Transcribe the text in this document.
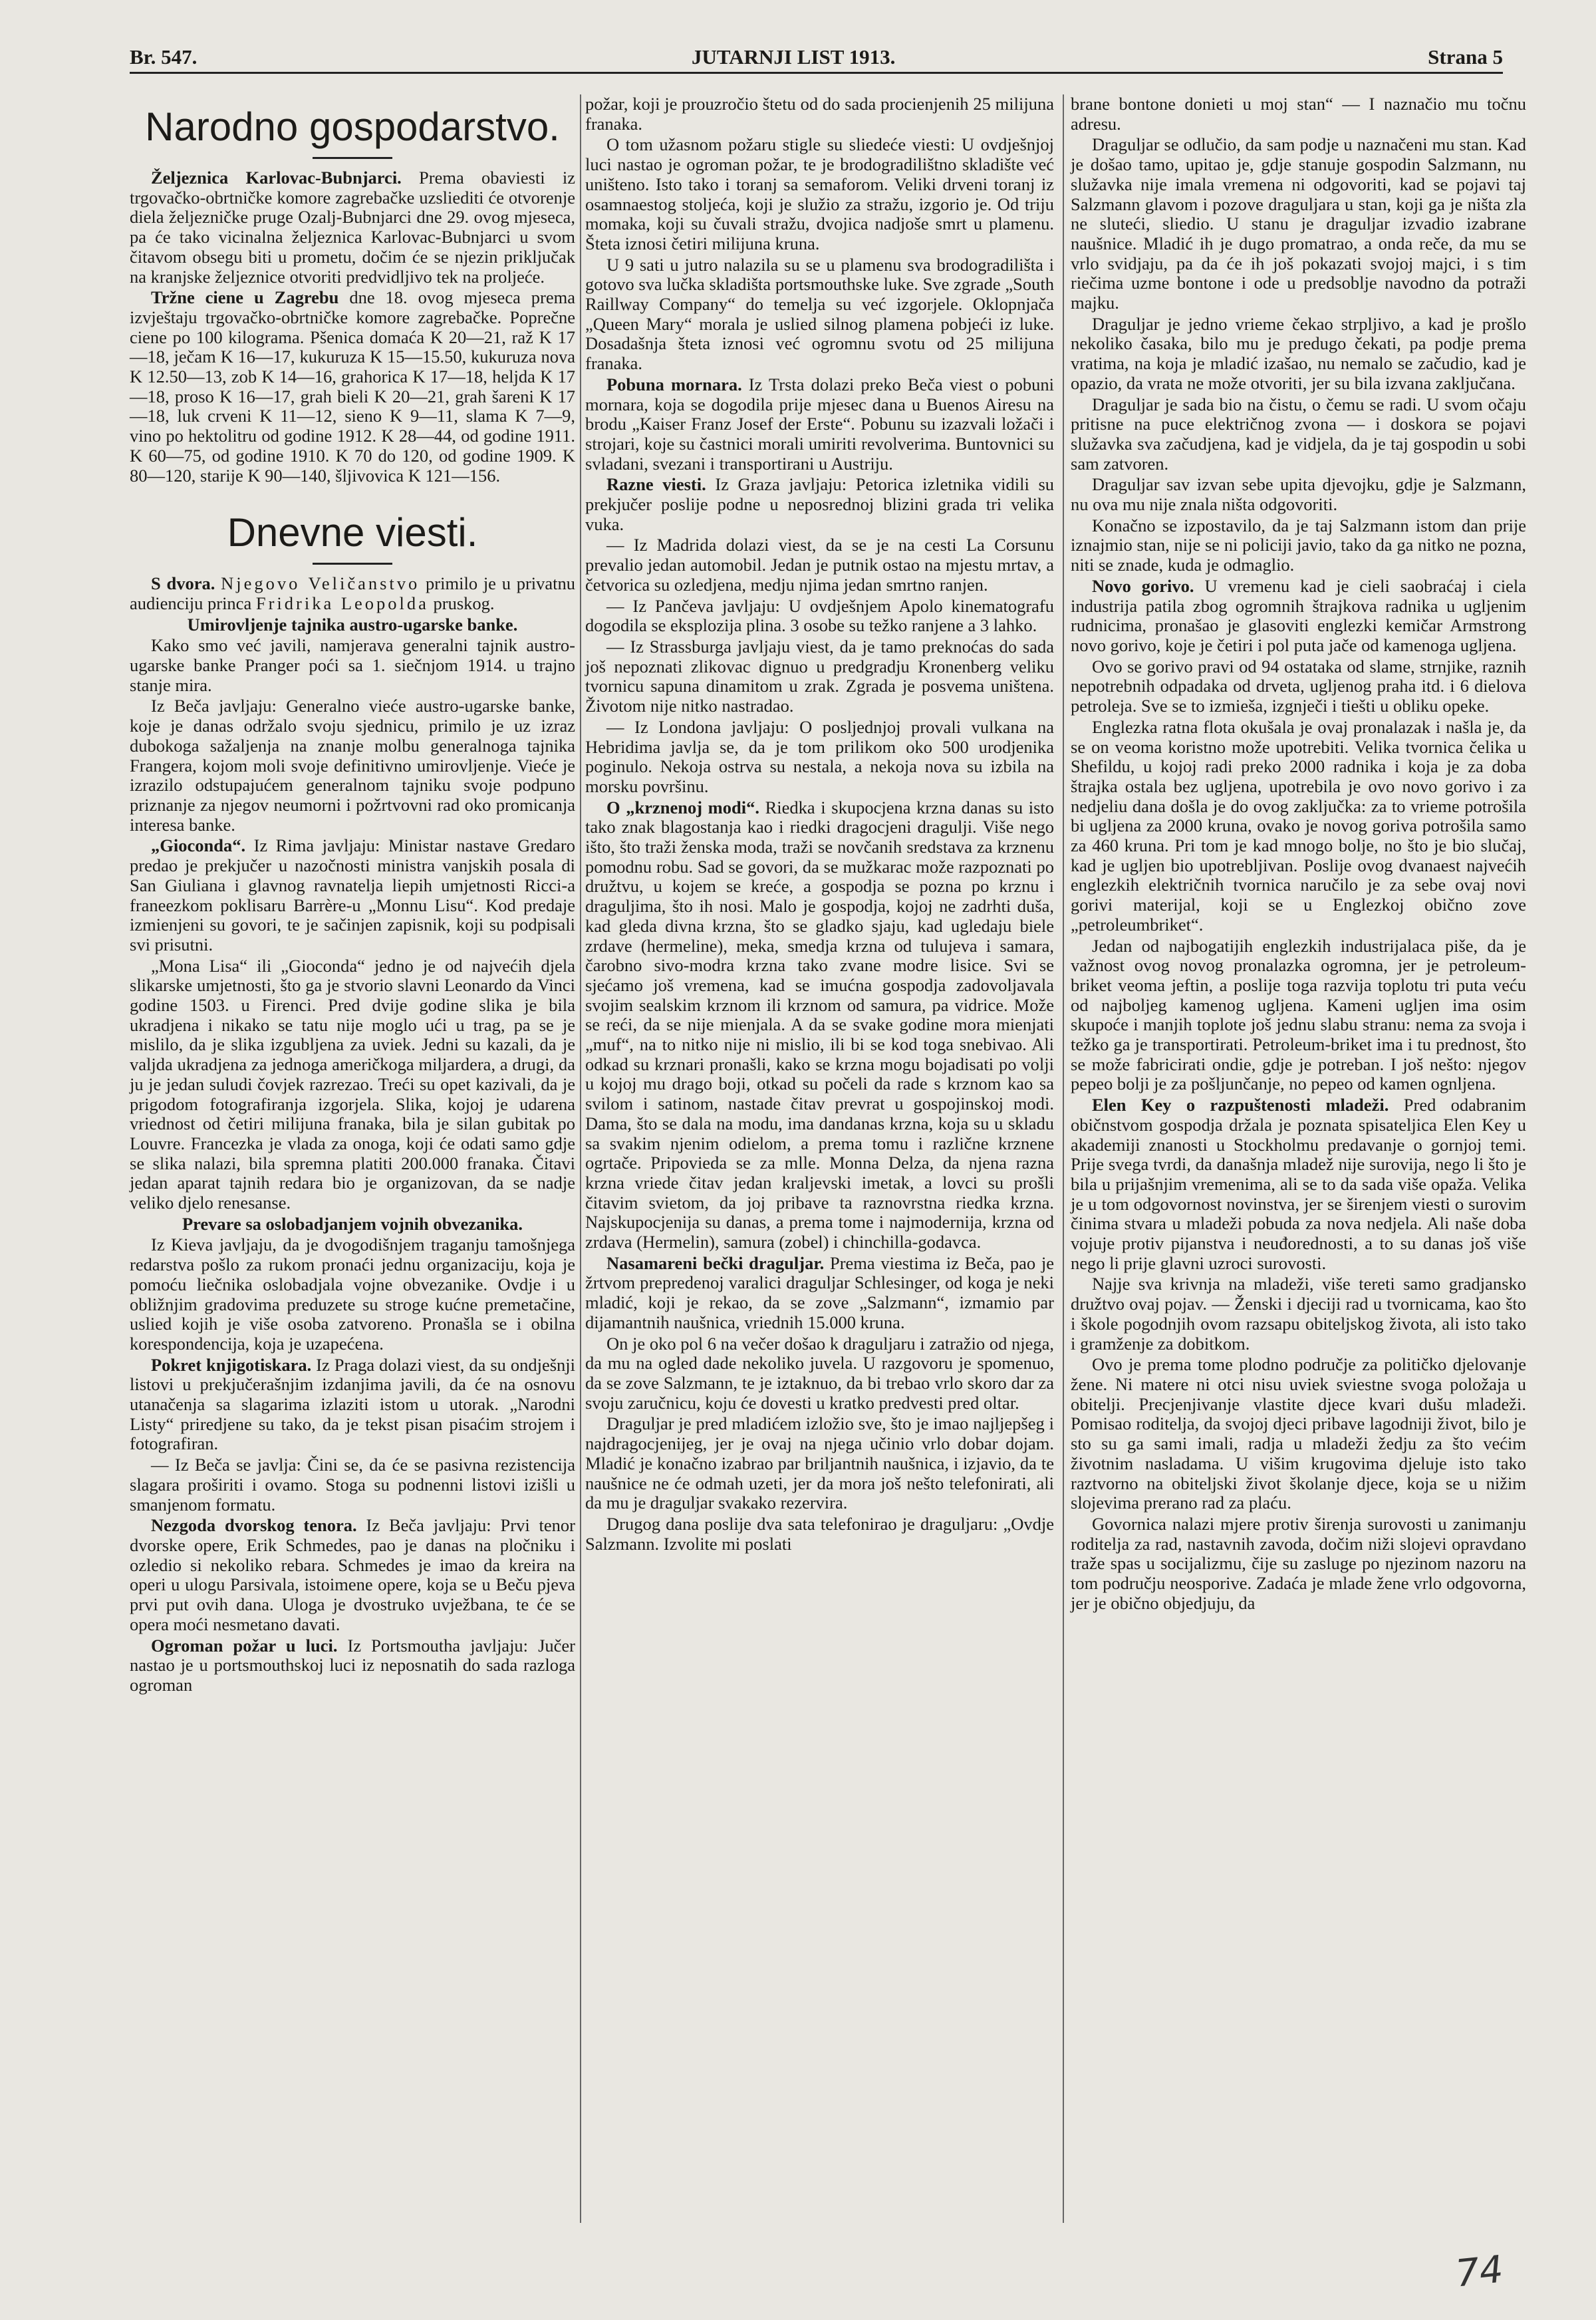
Br. 547.	JUTARNJI LIST 1913.	Strana 5
Narodno gospodarstvo.

Željeznica Karlovac-Bubnjarci. Prema obaviesti iz trgovačko-obrtničke komore zagrebačke uzsliediti će otvorenje diela željezničke pruge Ozalj-Bubnjarci dne 29. ovog mjeseca, pa će tako vicinalna željeznica Karlovac-Bubnjarci u svom čitavom obsegu biti u prometu, dočim će se njezin priključak na kranjske željeznice otvoriti predvidljivo tek na proljeće.

Tržne ciene u Zagrebu dne 18. ovog mjeseca prema izvještaju trgovačko-obrtničke komore zagrebačke. Poprečne ciene po 100 kilograma. Pšenica domaća K 20—21, raž K 17—18, ječam K 16—17, kukuruza K 15—15.50, kukuruza nova K 12.50—13, zob K 14—16, grahorica K 17—18, heljda K 17—18, proso K 16—17, grah bieli K 20—21, grah šareni K 17—18, luk crveni K 11—12, sieno K 9—11, slama K 7—9, vino po hektolitru od godine 1912. K 28—44, od godine 1911. K 60—75, od godine 1910. K 70 do 120, od godine 1909. K 80—120, starije K 90—140, šljivovica K 121—156.

Dnevne viesti.

S dvora. Njegovo Veličanstvo primilo je u privatnu audienciju princa Fridrika Leopolda pruskog.

Umirovljenje tajnika austro-ugarske banke.

Kako smo već javili, namjerava generalni tajnik austro-ugarske banke Pranger poći sa 1. siečnjom 1914. u trajno stanje mira.

Iz Beča javljaju: Generalno vieće austro-ugarske banke, koje je danas održalo svoju sjednicu, primilo je uz izraz dubokoga sažaljenja na znanje molbu generalnoga tajnika Frangera, kojom moli svoje definitivno umirovljenje. Vieće je izrazilo odstupajućem generalnom tajniku svoje podpuno priznanje za njegov neumorni i požrtvovni rad oko promicanja interesa banke.

„Gioconda“. Iz Rima javljaju: Ministar nastave Gredaro predao je prekjučer u nazočnosti ministra vanjskih posala di San Giuliana i glavnog ravnatelja liepih umjetnosti Ricci-a franeezkom poklisaru Barrère-u „Monnu Lisu“. Kod predaje izmienjeni su govori, te je sačinjen zapisnik, koji su podpisali svi prisutni.

„Mona Lisa“ ili „Gioconda“ jedno je od najvećih djela slikarske umjetnosti, što ga je stvorio slavni Leonardo da Vinci godine 1503. u Firenci. Pred dvije godine slika je bila ukradjena i nikako se tatu nije moglo ući u trag, pa se je mislilo, da je slika izgubljena za uviek. Jedni su kazali, da je valjda ukradjena za jednoga američkoga miljardera, a drugi, da ju je jedan suludi čovjek razrezao. Treći su opet kazivali, da je prigodom fotografiranja izgorjela. Slika, kojoj je udarena vriednost od četiri milijuna franaka, bila je silan gubitak po Louvre. Francezka je vlada za onoga, koji će odati samo gdje se slika nalazi, bila spremna platiti 200.000 franaka. Čitavi jedan aparat tajnih redara bio je organizovan, da se nadje veliko djelo renesanse.

Prevare sa oslobadjanjem vojnih obvezanika.

Iz Kieva javljaju, da je dvogodišnjem traganju tamošnjega redarstva pošlo za rukom pronaći jednu organizaciju, koja je pomoću liečnika oslobadjala vojne obvezanike. Ovdje i u obližnjim gradovima preduzete su stroge kućne premetačine, uslied kojih je više osoba zatvoreno. Pronašla se i obilna korespondencija, koja je uzapećena.

Pokret knjigotiskara. Iz Praga dolazi viest, da su ondješnji listovi u prekjučerašnjim izdanjima javili, da će na osnovu utanačenja sa slagarima izlaziti istom u utorak. „Narodni Listy“ priredjene su tako, da je tekst pisan pisaćim strojem i fotografiran.

— Iz Beča se javlja: Čini se, da će se pasivna rezistencija slagara proširiti i ovamo. Stoga su podnenni listovi izišli u smanjenom formatu.

Nezgoda dvorskog tenora. Iz Beča javljaju: Prvi tenor dvorske opere, Erik Schmedes, pao je danas na pločniku i ozledio si nekoliko rebara. Schmedes je imao da kreira na operi u ulogu Parsivala, istoimene opere, koja se u Beču pjeva prvi put ovih dana. Uloga je dvostruko uvježbana, te će se opera moći nesmetano davati.

Ogroman požar u luci. Iz Portsmoutha javljaju: Jučer nastao je u portsmouthskoj luci iz neposnatih do sada razloga ogroman

požar, koji je prouzročio štetu od do sada procienjenih 25 milijuna franaka.

O tom užasnom požaru stigle su sliedeće viesti: U ovdješnjoj luci nastao je ogroman požar, te je brodogradilištno skladište već uništeno. Isto tako i toranj sa semaforom. Veliki drveni toranj iz osamnaestog stoljeća, koji je služio za stražu, izgorio je. Od triju momaka, koji su čuvali stražu, dvojica nadjoše smrt u plamenu. Šteta iznosi četiri milijuna kruna.

U 9 sati u jutro nalazila su se u plamenu sva brodogradilišta i gotovo sva lučka skladišta portsmouthske luke. Sve zgrade „South Raillway Company“ do temelja su već izgorjele. Oklopnjača „Queen Mary“ morala je uslied silnog plamena pobjeći iz luke. Dosadašnja šteta iznosi već ogromnu svotu od 25 milijuna franaka.

Pobuna mornara. Iz Trsta dolazi preko Beča viest o pobuni mornara, koja se dogodila prije mjesec dana u Buenos Airesu na brodu „Kaiser Franz Josef der Erste“. Pobunu su izazvali ložači i strojari, koje su častnici morali umiriti revolverima. Buntovnici su svladani, svezani i transportirani u Austriju.

Razne viesti. Iz Graza javljaju: Petorica izletnika vidili su prekjučer poslije podne u neposrednoj blizini grada tri velika vuka.

— Iz Madrida dolazi viest, da se je na cesti La Corsunu prevalio jedan automobil. Jedan je putnik ostao na mjestu mrtav, a četvorica su ozledjena, medju njima jedan smrtno ranjen.

— Iz Pančeva javljaju: U ovdješnjem Apolo kinematografu dogodila se eksplozija plina. 3 osobe su težko ranjene a 3 lahko.

— Iz Strassburga javljaju viest, da je tamo preknoćas do sada još nepoznati zlikovac dignuo u predgradju Kronenberg veliku tvornicu sapuna dinamitom u zrak. Zgrada je posvema uništena. Životom nije nitko nastradao.

— Iz Londona javljaju: O posljednjoj provali vulkana na Hebridima javlja se, da je tom prilikom oko 500 urodjenika poginulo. Nekoja ostrva su nestala, a nekoja nova su izbila na morsku površinu.

O „krznenoj modi“. Riedka i skupocjena krzna danas su isto tako znak blagostanja kao i riedki dragocjeni dragulji. Više nego išto, što traži ženska moda, traži se novčanih sredstava za krznenu pomodnu robu. Sad se govori, da se mužkarac može razpoznati po družtvu, u kojem se kreće, a gospodja se pozna po krznu i draguljima, što ih nosi. Malo je gospodja, kojoj ne zadrhti duša, kad gleda divna krzna, što se gladko sjaju, kad ugledaju biele zrdave (hermeline), meka, smedja krzna od tulujeva i samara, čarobno sivo-modra krzna tako zvane modre lisice. Svi se sjećamo još vremena, kad se imućna gospodja zadovoljavala svojim sealskim krznom ili krznom od samura, pa vidrice. Može se reći, da se nije mienjala. A da se svake godine mora mienjati „muf“, na to nitko nije ni mislio, ili bi se kod toga snebivao. Ali odkad su krznari pronašli, kako se krzna mogu bojadisati po volji u kojoj mu drago boji, otkad su počeli da rade s krznom kao sa svilom i satinom, nastade čitav prevrat u gospojinskoj modi. Dama, što se dala na modu, ima dandanas krzna, koja su u skladu sa svakim njenim odielom, a prema tomu i različne krznene ogrtače. Pripoviedа se za mlle. Monna Delza, da njena razna krzna vriede čitav jedan kraljevski imetak, a lovci su prošli čitavim svietom, da joj pribave ta raznovrstna riedka krzna. Najskupocjenija su danas, a prema tome i najmodernija, krzna od zrdava (Hermelin), samura (zobel) i chinchilla-godavca.

Nasamareni bečki draguljar. Prema viestima iz Beča, pao je žrtvom prepredenoj varalici draguljar Schlesinger, od koga je neki mladić, koji je rekao, da se zove „Salzmann“, izmamio par dijamantnih naušnica, vriednih 15.000 kruna.

On je oko pol 6 na večer došao k draguljaru i zatražio od njega, da mu na ogled dade nekoliko juvela. U razgovoru je spomenuo, da se zove Salzmann, te je iztaknuo, da bi trebao vrlo skoro dar za svoju zaručnicu, koju će dovesti u kratko predvesti pred oltar.

Draguljar je pred mladićem izložio sve, što je imao najljepšeg i najdragocjenijeg, jer je ovaj na njega učinio vrlo dobar dojam. Mladić je konačno izabrao par briljantnih naušnica, i izjavio, da te naušnice ne će odmah uzeti, jer da mora još nešto telefonirati, ali da mu je draguljar svakako rezervira.

Drugog dana poslije dva sata telefonirao je draguljaru: „Ovdje Salzmann. Izvolite mi poslati

brane bontone donieti u moj stan“ — I naznačio mu točnu adresu.

Draguljar se odlučio, da sam podje u naznačeni mu stan. Kad je došao tamo, upitao je, gdje stanuje gospodin Salzmann, nu služavka nije imala vremena ni odgovoriti, kad se pojavi taj Salzmann glavom i pozove draguljara u stan, koji ga je ništa zla ne sluteći, sliedio. U stanu je draguljar izvadio izabrane naušnice. Mladić ih je dugo promatrao, a onda reče, da mu se vrlo svidjaju, pa da će ih još pokazati svojoj majci, i s tim riečima uzme bontone i ode u predsoblje navodno da potraži majku.

Draguljar je jedno vrieme čekao strpljivo, a kad je prošlo nekoliko časaka, bilo mu je predugo čekati, pa podje prema vratima, na koja je mladić izašao, nu nemalo se začudio, kad je opazio, da vrata ne može otvoriti, jer su bila izvana zaključana.

Draguljar je sada bio na čistu, o čemu se radi. U svom očaju pritisne na puce električnog zvona — i doskora se pojavi služavka sva začudjena, kad je vidjela, da je taj gospodin u sobi sam zatvoren.

Draguljar sav izvan sebe upita djevojku, gdje je Salzmann, nu ova mu nije znala ništa odgovoriti.

Konačno se izpostavilo, da je taj Salzmann istom dan prije iznajmio stan, nije se ni policiji javio, tako da ga nitko ne pozna, niti se znade, kuda je odmaglio.

Novo gorivo. U vremenu kad je cieli saobraćaj i ciela industrija patila zbog ogromnih štrajkova radnika u ugljenim rudnicima, pronašao je glasoviti englezki kemičar Armstrong novo gorivo, koje je četiri i pol puta jače od kamenoga ugljena.

Ovo se gorivo pravi od 94 ostataka od slame, strnjike, raznih nepotrebnih odpadaka od drveta, ugljenog praha itd. i 6 dielova petroleja. Sve se to izmieša, izgnječi i tiešti u obliku opeke.

Englezka ratna flota okušala je ovaj pronalazak i našla je, da se on veoma koristno može upotrebiti. Velika tvornica čelika u Shefildu, u kojoj radi preko 2000 radnika i koja je za doba štrajka ostala bez ugljena, upotrebila je ovo novo gorivo i za nedjeliu dana došla je do ovog zaključka: za to vrieme potrošila bi ugljena za 2000 kruna, ovako je novog goriva potrošila samo za 460 kruna. Pri tom je kad mnogo bolje, no što je bio slučaj, kad je ugljen bio upotrebljivan. Poslije ovog dvanaest najvećih englezkih električnih tvornica naručilo je za sebe ovaj novi gorivi materijal, koji se u Englezkoj obično zove „petroleumbriket“.

Jedan od najbogatijih englezkih industrijalaca piše, da je važnost ovog novog pronalazka ogromna, jer je petroleum-briket veoma jeftin, a poslije toga razvija toplotu tri puta veću od najboljeg kamenog ugljena. Kameni ugljen ima osim skupoće i manjih toplote još jednu slabu stranu: nema za svoja i težko ga je transportirati. Petroleum-briket ima i tu prednost, što se može fabricirati ondie, gdje je potreban. I još nešto: njegov pepeo bolji je za pošljunčanje, no pepeo od kamen ognljena.

Elen Key o razpuštenosti mladeži. Pred odabranim običnstvom gospodja držala je poznata spisateljica Elen Key u akademiji znanosti u Stockholmu predavanje o gornjoj temi. Prije svega tvrdi, da današnja mladež nije surovija, nego li što je bila u prijašnjim vremenima, ali se to da sada više opaža. Velika je u tom odgovornost novinstva, jer se širenjem viesti o surovim činima stvara u mladeži pobuda za nova nedjela. Ali naše doba vojuje protiv pijanstva i neuđorednosti, a to su danas još više nego li prije glavni uzroci surovosti.

Najje sva krivnja na mladeži, više tereti samo gradjansko družtvo ovaj pojav. — Ženski i djeciji rad u tvornicama, kao što i škole pogodnjih ovom razsapu obiteljskog života, ali isto tako i gramženje za dobitkom.

Ovo je prema tome plodno područje za političko djelovanje žene. Ni matere ni otci nisu uviek sviestne svoga položaja u obitelji. Precjenjivanje vlastite djece kvari dušu mladeži. Pomisao roditelja, da svojoj djeci pribave lagodniji život, bilo je sto su ga sami imali, radja u mladeži žedju za što većim životnim nasladama. U višim krugovima djeluje isto tako raztvorno na obiteljski život školanje djece, koja se u nižim slojevima prerano rad za plaću.

Govornica nalazi mjere protiv širenja surovosti u zanimanju roditelja za rad, nastavnih zavoda, dočim niži slojevi opravdano traže spas u socijalizmu, čije su zasluge po njezinom nazoru na tom području neosporive. Zadaća je mlade žene vrlo odgovorna, jer je obično objedjuju, da

74
